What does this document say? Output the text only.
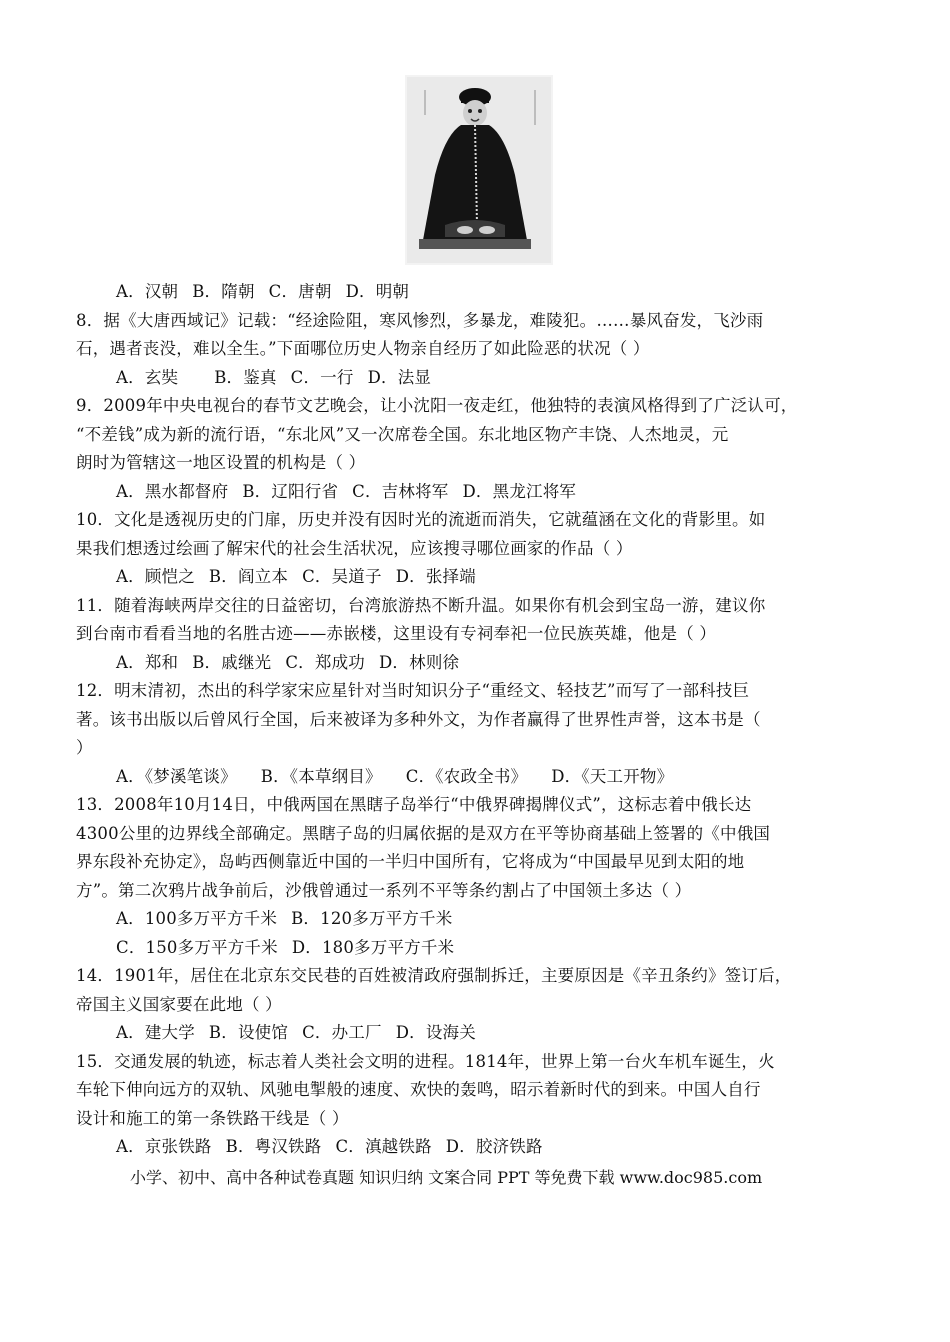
A．汉朝 B．隋朝 C．唐朝 D．明朝
8．据《大唐西域记》记载：“经途险阻，寒风惨烈，多暴龙，难陵犯。……暴风奋发，飞沙雨
石，遇者丧没，难以全生。”下面哪位历史人物亲自经历了如此险恶的状况（ ）
A．玄奘 B．鉴真 C．一行 D．法显
9．2009年中央电视台的春节文艺晚会，让小沈阳一夜走红，他独特的表演风格得到了广泛认可，
“不差钱”成为新的流行语，“东北风”又一次席卷全国。东北地区物产丰饶、人杰地灵，元
朗时为管辖这一地区设置的机构是（ ）
A．黑水都督府 B．辽阳行省 C．吉林将军 D．黑龙江将军
10．文化是透视历史的门扉，历史并没有因时光的流逝而消失，它就蕴涵在文化的背影里。如
果我们想透过绘画了解宋代的社会生活状况，应该搜寻哪位画家的作品（ ）
A．顾恺之 B．阎立本 C．吴道子 D．张择端
11．随着海峡两岸交往的日益密切，台湾旅游热不断升温。如果你有机会到宝岛一游，建议你
到台南市看看当地的名胜古迹——赤嵌楼，这里设有专祠奉祀一位民族英雄，他是（ ）
A．郑和 B．戚继光 C．郑成功 D．林则徐
12．明末清初，杰出的科学家宋应星针对当时知识分子“重经文、轻技艺”而写了一部科技巨
著。该书出版以后曾风行全国，后来被译为多种外文，为作者赢得了世界性声誉，这本书是（
）
A．《梦溪笔谈》 B．《本草纲目》 C．《农政全书》 D．《天工开物》
13．2008年10月14日，中俄两国在黑瞎子岛举行“中俄界碑揭牌仪式”，这标志着中俄长达
4300公里的边界线全部确定。黑瞎子岛的归属依据的是双方在平等协商基础上签署的《中俄国
界东段补充协定》，岛屿西侧靠近中国的一半归中国所有，它将成为“中国最早见到太阳的地
方”。第二次鸦片战争前后，沙俄曾通过一系列不平等条约割占了中国领土多达（ ）
A．100多万平方千米 B．120多万平方千米
C．150多万平方千米 D．180多万平方千米
14．1901年，居住在北京东交民巷的百姓被清政府强制拆迁，主要原因是《辛丑条约》签订后，
帝国主义国家要在此地（ ）
A．建大学 B．设使馆 C．办工厂 D．设海关
15．交通发展的轨迹，标志着人类社会文明的进程。1814年，世界上第一台火车机车诞生，火
车轮下伸向远方的双轨、风驰电掣般的速度、欢快的轰鸣，昭示着新时代的到来。中国人自行
设计和施工的第一条铁路干线是（ ）
A．京张铁路 B．粤汉铁路 C．滇越铁路 D．胶济铁路
小学、初中、高中各种试卷真题 知识归纳 文案合同 PPT 等免费下载 www.doc985.com
